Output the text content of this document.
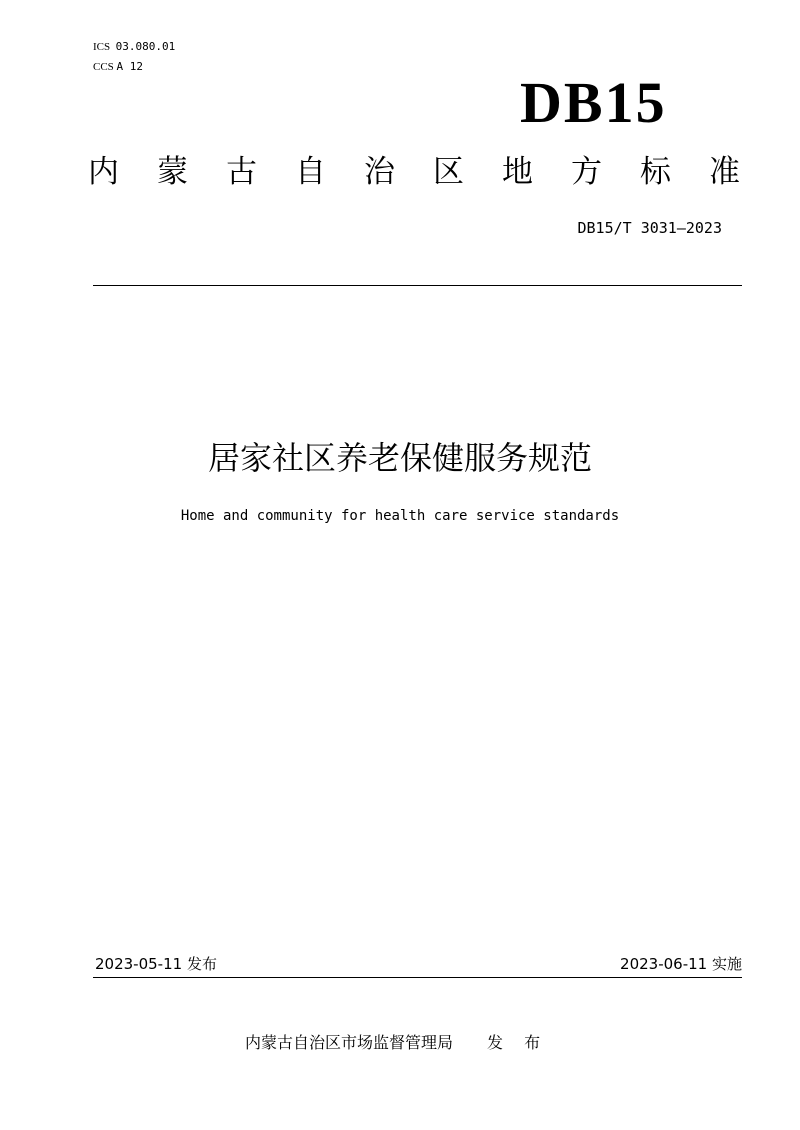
ICS 03.080.01
CCS A 12
DB15
内 蒙 古 自 治 区 地 方 标 准
DB15/T 3031—2023
居家社区养老保健服务规范
Home and community for health care service standards
2023-05-11 发布	2023-06-11 实施
内蒙古自治区市场监督管理局 发 布
